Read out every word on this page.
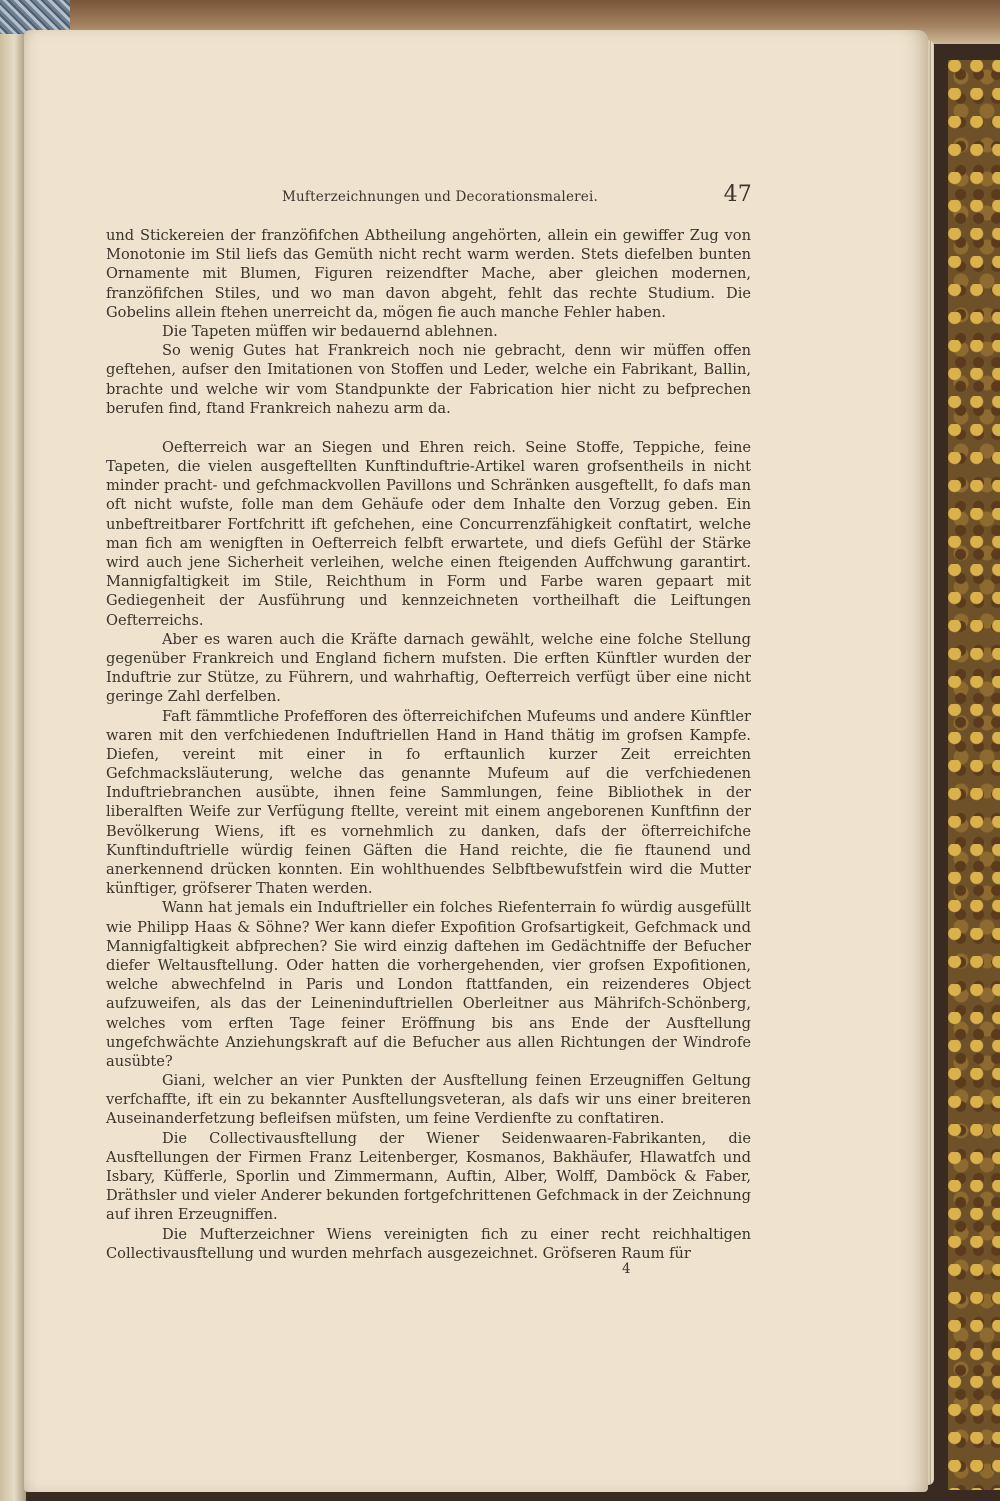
Mufterzeichnungen und Decorationsmalerei.	47

und Stickereien der franzöfifchen Abtheilung angehörten, allein ein gewiffer Zug von Monotonie im Stil liefs das Gemüth nicht recht warm werden. Stets diefelben bunten Ornamente mit Blumen, Figuren reizendfter Mache, aber gleichen modernen, franzöfifchen Stiles, und wo man davon abgeht, fehlt das rechte Studium. Die Gobelins allein ftehen unerreicht da, mögen fie auch manche Fehler haben.

Die Tapeten müffen wir bedauernd ablehnen.

So wenig Gutes hat Frankreich noch nie gebracht, denn wir müffen offen geftehen, aufser den Imitationen von Stoffen und Leder, welche ein Fabrikant, Ballin, brachte und welche wir vom Standpunkte der Fabrication hier nicht zu befprechen berufen find, ftand Frankreich nahezu arm da.

Oefterreich war an Siegen und Ehren reich. Seine Stoffe, Teppiche, feine Tapeten, die vielen ausgeftellten Kunftinduftrie-Artikel waren grofsentheils in nicht minder pracht- und gefchmackvollen Pavillons und Schränken ausgeftellt, fo dafs man oft nicht wufste, folle man dem Gehäufe oder dem Inhalte den Vorzug geben. Ein unbeftreitbarer Fortfchritt ift gefchehen, eine Concurrenzfähigkeit conftatirt, welche man fich am wenigften in Oefterreich felbft erwartete, und diefs Gefühl der Stärke wird auch jene Sicherheit verleihen, welche einen fteigenden Auffchwung garantirt. Mannigfaltigkeit im Stile, Reichthum in Form und Farbe waren gepaart mit Gediegenheit der Ausführung und kennzeichneten vortheilhaft die Leiftungen Oefterreichs.

Aber es waren auch die Kräfte darnach gewählt, welche eine folche Stellung gegenüber Frankreich und England fichern mufsten. Die erften Künftler wurden der Induftrie zur Stütze, zu Führern, und wahrhaftig, Oefterreich verfügt über eine nicht geringe Zahl derfelben.

Faft fämmtliche Profefforen des öfterreichifchen Mufeums und andere Künftler waren mit den verfchiedenen Induftriellen Hand in Hand thätig im grofsen Kampfe. Diefen, vereint mit einer in fo erftaunlich kurzer Zeit erreichten Gefchmacksläuterung, welche das genannte Mufeum auf die verfchiedenen Induftriebranchen ausübte, ihnen feine Sammlungen, feine Bibliothek in der liberalften Weife zur Verfügung ftellte, vereint mit einem angeborenen Kunftfinn der Bevölkerung Wiens, ift es vornehmlich zu danken, dafs der öfterreichifche Kunftinduftrielle würdig feinen Gäften die Hand reichte, die fie ftaunend und anerkennend drücken konnten. Ein wohlthuendes Selbftbewufstfein wird die Mutter künftiger, gröfserer Thaten werden.

Wann hat jemals ein Induftrieller ein folches Riefenterrain fo würdig ausgefüllt wie Philipp Haas & Söhne? Wer kann diefer Expofition Grofsartigkeit, Gefchmack und Mannigfaltigkeit abfprechen? Sie wird einzig daftehen im Gedächtniffe der Befucher diefer Weltausftellung. Oder hatten die vorhergehenden, vier grofsen Expofitionen, welche abwechfelnd in Paris und London ftattfanden, ein reizenderes Object aufzuweifen, als das der Leineninduftriellen Oberleitner aus Mährifch-Schönberg, welches vom erften Tage feiner Eröffnung bis ans Ende der Ausftellung ungefchwächte Anziehungskraft auf die Befucher aus allen Richtungen der Windrofe ausübte?

Giani, welcher an vier Punkten der Ausftellung feinen Erzeugniffen Geltung verfchaffte, ift ein zu bekannter Ausftellungsveteran, als dafs wir uns einer breiteren Auseinanderfetzung befleifsen müfsten, um feine Verdienfte zu conftatiren.

Die Collectivausftellung der Wiener Seidenwaaren-Fabrikanten, die Ausftellungen der Firmen Franz Leitenberger, Kosmanos, Bakhäufer, Hlawatfch und Isbary, Küfferle, Sporlin und Zimmermann, Auftin, Alber, Wolff, Damböck & Faber, Dräthsler und vieler Anderer bekunden fortgefchrittenen Gefchmack in der Zeichnung auf ihren Erzeugniffen.

Die Mufterzeichner Wiens vereinigten fich zu einer recht reichhaltigen Collectivausftellung und wurden mehrfach ausgezeichnet. Gröfseren Raum für

4
